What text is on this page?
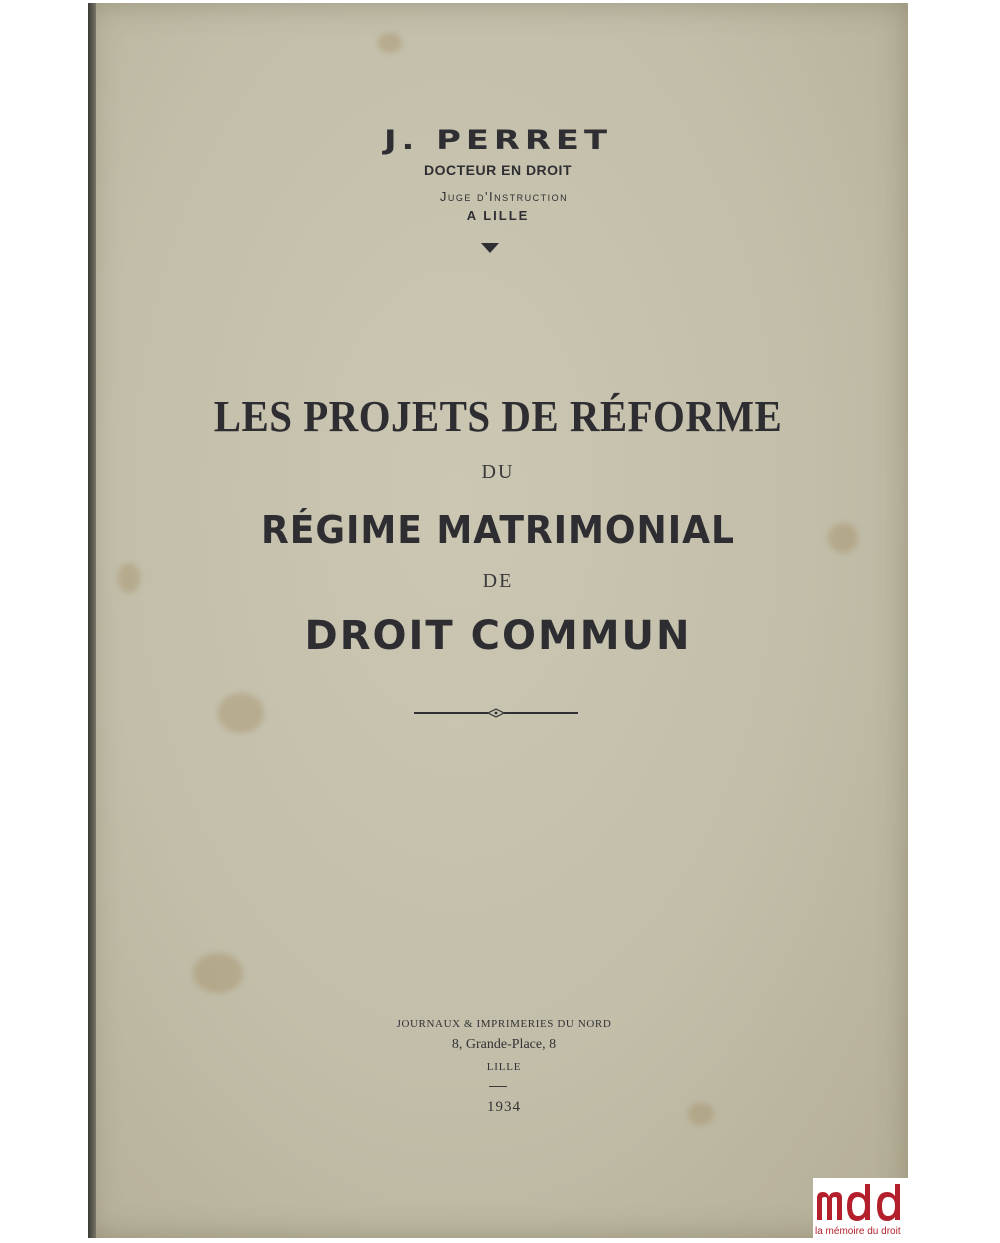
J. PERRET
DOCTEUR EN DROIT
Juge d'Instruction
A LILLE
LES PROJETS DE RÉFORME
DU
RÉGIME MATRIMONIAL
DE
DROIT COMMUN
JOURNAUX & IMPRIMERIES DU NORD
8, Grande-Place, 8
LILLE
1934
la mémoire du droit
